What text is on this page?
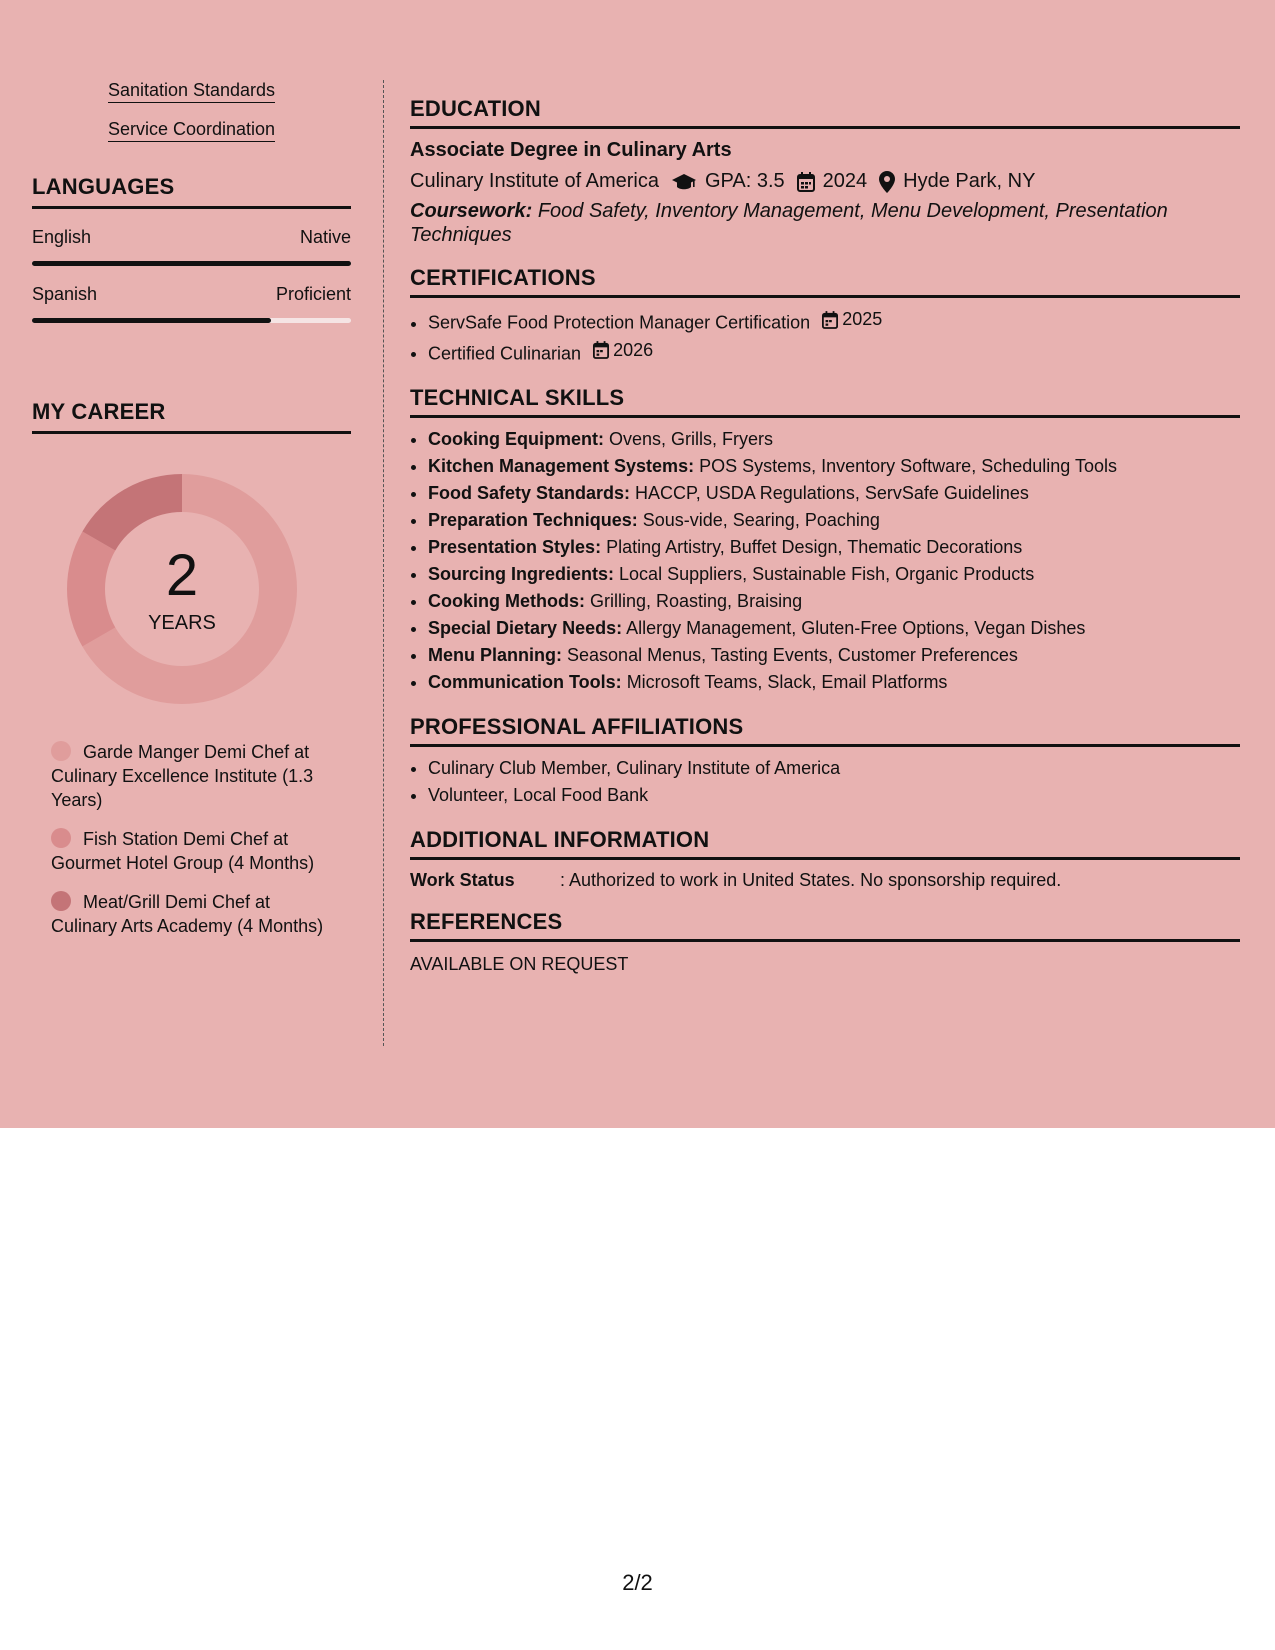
Sanitation Standards
Service Coordination
LANGUAGES
English	Native
Spanish	Proficient
MY CAREER
2
YEARS
Garde Manger Demi Chef at Culinary Excellence Institute (1.3 Years)
Fish Station Demi Chef at Gourmet Hotel Group (4 Months)
Meat/Grill Demi Chef at Culinary Arts Academy (4 Months)
EDUCATION
Associate Degree in Culinary Arts
Culinary Institute of America GPA: 3.5 2024 Hyde Park, NY
Coursework: Food Safety, Inventory Management, Menu Development, Presentation Techniques
CERTIFICATIONS
• ServSafe Food Protection Manager Certification 2025
• Certified Culinarian 2026
TECHNICAL SKILLS
• Cooking Equipment: Ovens, Grills, Fryers
• Kitchen Management Systems: POS Systems, Inventory Software, Scheduling Tools
• Food Safety Standards: HACCP, USDA Regulations, ServSafe Guidelines
• Preparation Techniques: Sous-vide, Searing, Poaching
• Presentation Styles: Plating Artistry, Buffet Design, Thematic Decorations
• Sourcing Ingredients: Local Suppliers, Sustainable Fish, Organic Products
• Cooking Methods: Grilling, Roasting, Braising
• Special Dietary Needs: Allergy Management, Gluten-Free Options, Vegan Dishes
• Menu Planning: Seasonal Menus, Tasting Events, Customer Preferences
• Communication Tools: Microsoft Teams, Slack, Email Platforms
PROFESSIONAL AFFILIATIONS
• Culinary Club Member, Culinary Institute of America
• Volunteer, Local Food Bank
ADDITIONAL INFORMATION
Work Status	: Authorized to work in United States. No sponsorship required.
REFERENCES
AVAILABLE ON REQUEST
2/2
